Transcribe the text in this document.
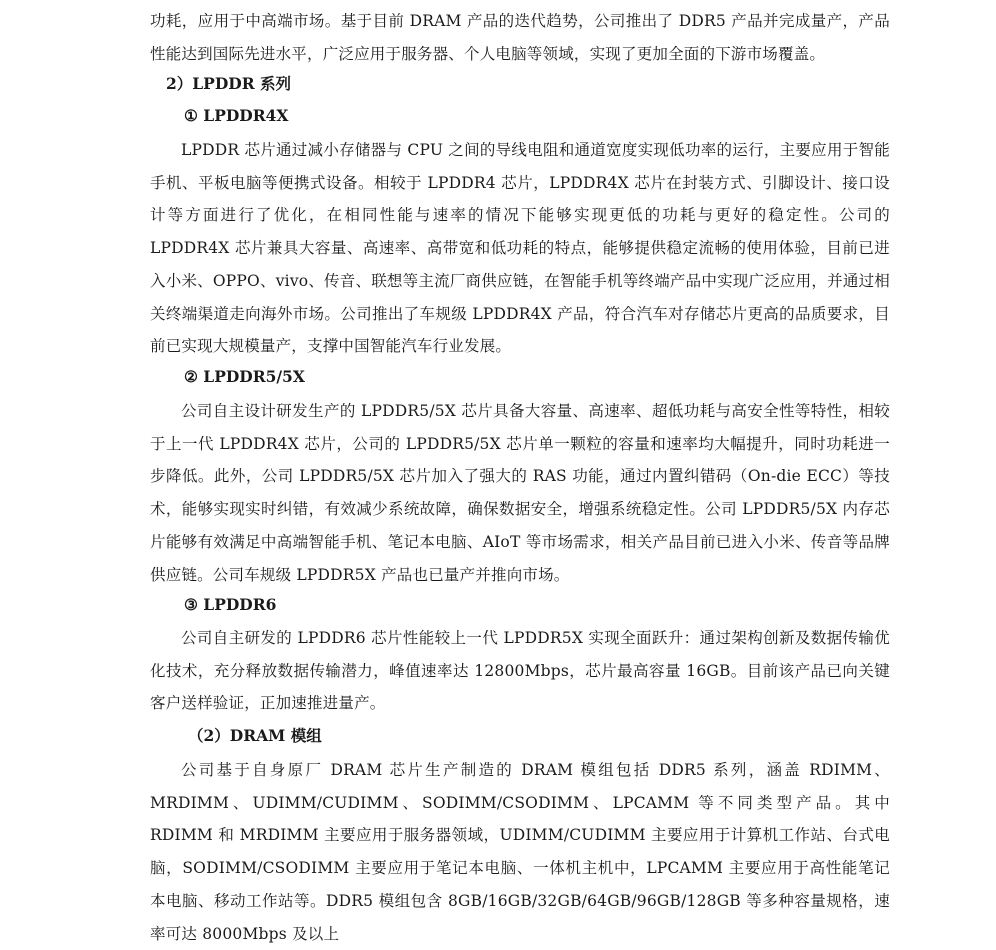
功耗，应用于中高端市场。基于目前 DRAM 产品的迭代趋势，公司推出了 DDR5 产品并完成量产，产品性能达到国际先进水平，广泛应用于服务器、个人电脑等领域，实现了更加全面的下游市场覆盖。

2）LPDDR 系列
① LPDDR4X

LPDDR 芯片通过减小存储器与 CPU 之间的导线电阻和通道宽度实现低功率的运行，主要应用于智能手机、平板电脑等便携式设备。相较于 LPDDR4 芯片，LPDDR4X 芯片在封装方式、引脚设计、接口设计等方面进行了优化，在相同性能与速率的情况下能够实现更低的功耗与更好的稳定性。公司的 LPDDR4X 芯片兼具大容量、高速率、高带宽和低功耗的特点，能够提供稳定流畅的使用体验，目前已进入小米、OPPO、vivo、传音、联想等主流厂商供应链，在智能手机等终端产品中实现广泛应用，并通过相关终端渠道走向海外市场。公司推出了车规级 LPDDR4X 产品，符合汽车对存储芯片更高的品质要求，目前已实现大规模量产，支撑中国智能汽车行业发展。

② LPDDR5/5X

公司自主设计研发生产的 LPDDR5/5X 芯片具备大容量、高速率、超低功耗与高安全性等特性，相较于上一代 LPDDR4X 芯片，公司的 LPDDR5/5X 芯片单一颗粒的容量和速率均大幅提升，同时功耗进一步降低。此外，公司 LPDDR5/5X 芯片加入了强大的 RAS 功能，通过内置纠错码（On-die ECC）等技术，能够实现实时纠错，有效减少系统故障，确保数据安全，增强系统稳定性。公司 LPDDR5/5X 内存芯片能够有效满足中高端智能手机、笔记本电脑、AIoT 等市场需求，相关产品目前已进入小米、传音等品牌供应链。公司车规级 LPDDR5X 产品也已量产并推向市场。

③ LPDDR6

公司自主研发的 LPDDR6 芯片性能较上一代 LPDDR5X 实现全面跃升：通过架构创新及数据传输优化技术，充分释放数据传输潜力，峰值速率达 12800Mbps，芯片最高容量 16GB。目前该产品已向关键客户送样验证，正加速推进量产。

（2）DRAM 模组

公司基于自身原厂 DRAM 芯片生产制造的 DRAM 模组包括 DDR5 系列，涵盖 RDIMM、MRDIMM、UDIMM/CUDIMM、SODIMM/CSODIMM、LPCAMM 等不同类型产品。其中 RDIMM 和 MRDIMM 主要应用于服务器领域，UDIMM/CUDIMM 主要应用于计算机工作站、台式电脑，SODIMM/CSODIMM 主要应用于笔记本电脑、一体机主机中，LPCAMM 主要应用于高性能笔记本电脑、移动工作站等。DDR5 模组包含 8GB/16GB/32GB/64GB/96GB/128GB 等多种容量规格，速率可达 8000Mbps 及以上
